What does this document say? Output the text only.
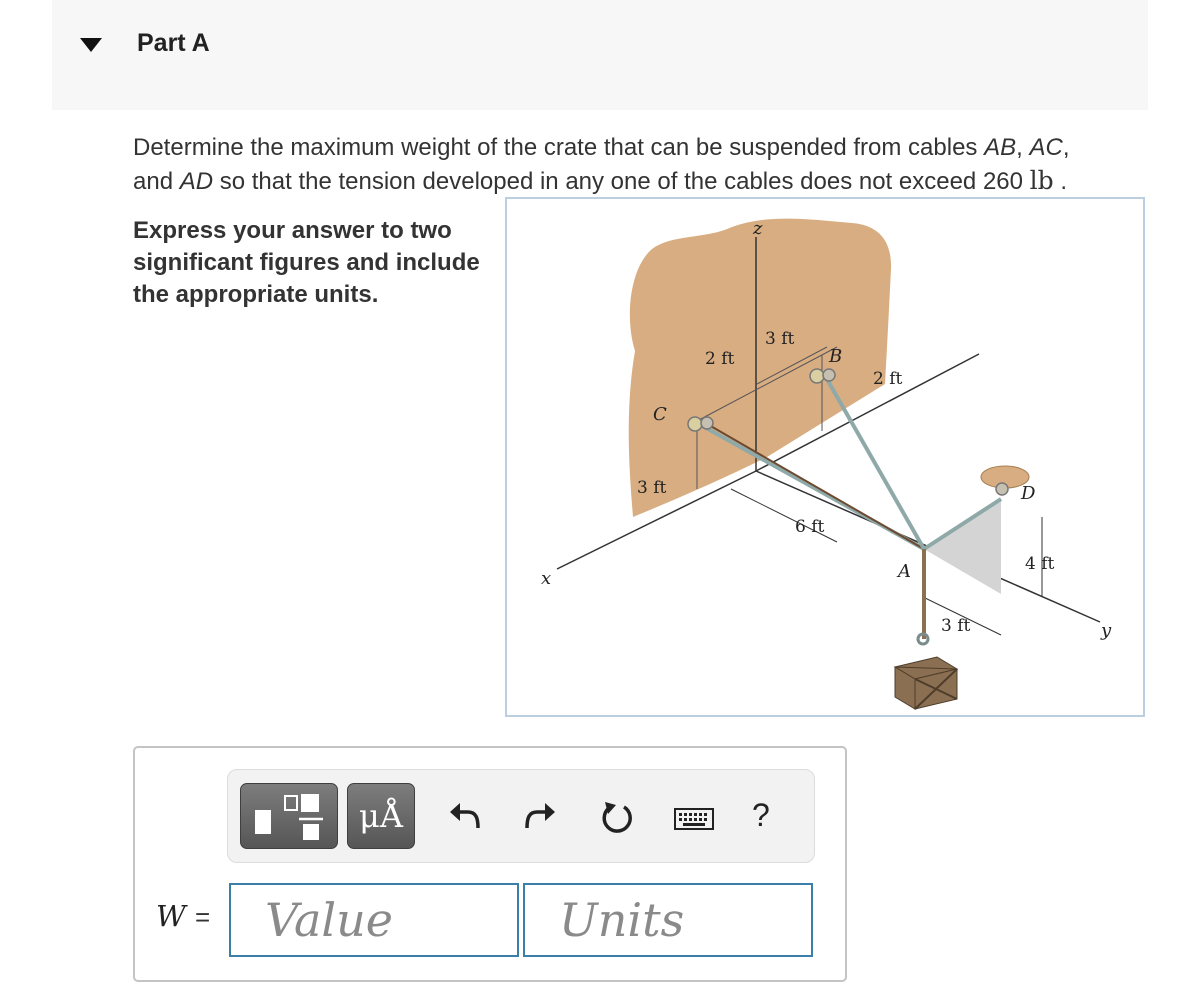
Part A
Determine the maximum weight of the crate that can be suspended from cables AB, AC,
and AD so that the tension developed in any one of the cables does not exceed 260 lb .
Express your answer to two significant figures and include the appropriate units.
z
x
y
A
B
C
D
2 ft
3 ft
2 ft
3 ft
6 ft
4 ft
3 ft
μÅ	?
W = Value	Units
